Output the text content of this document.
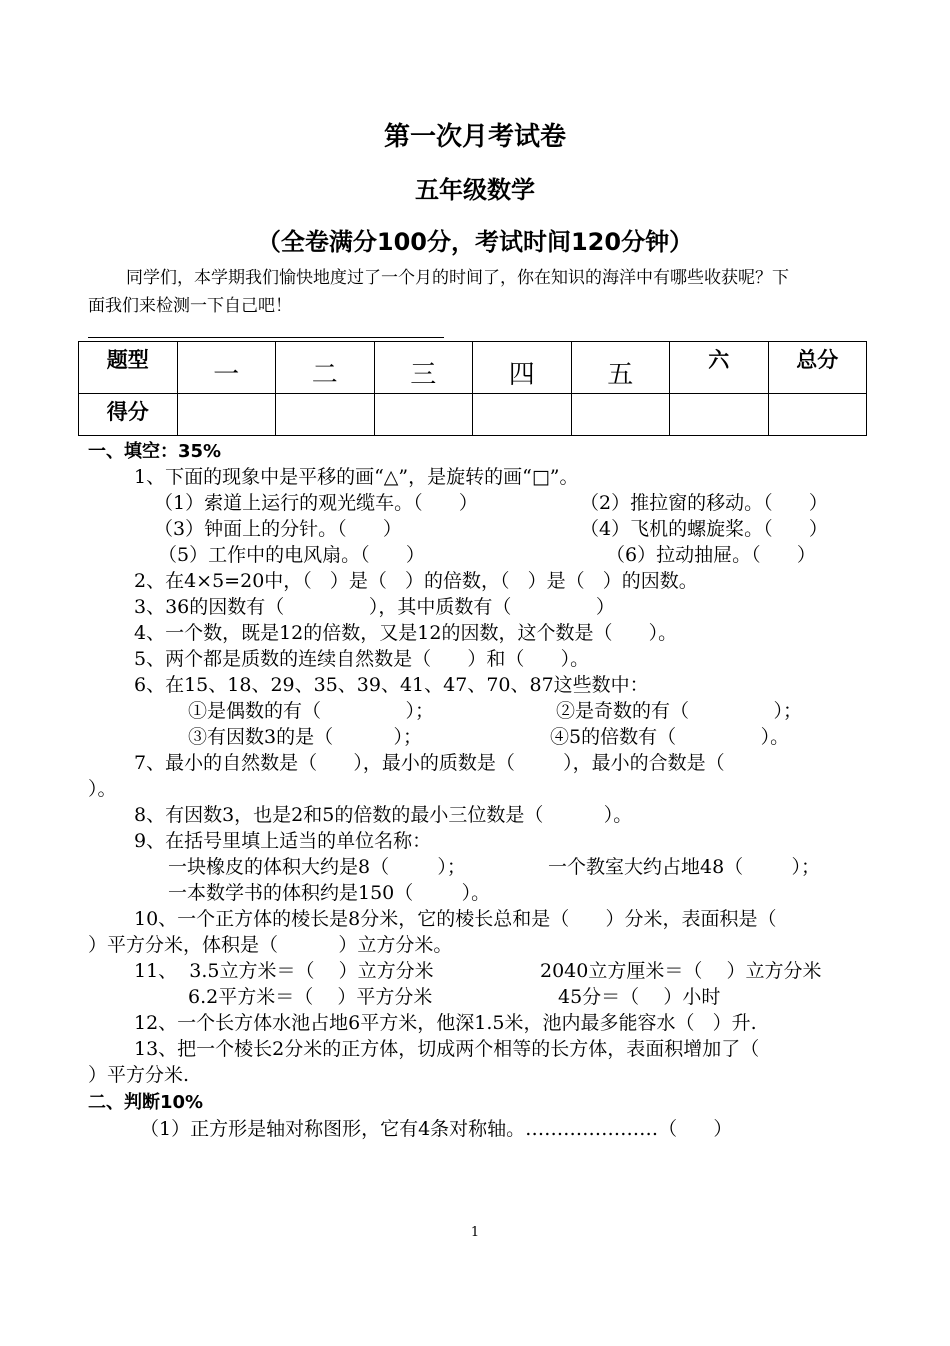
第一次月考试卷
五年级数学
（全卷满分100分，考试时间120分钟）
同学们，本学期我们愉快地度过了一个月的时间了，你在知识的海洋中有哪些收获呢？下
面我们来检测一下自己吧！
题型	一	二	三	四	五	六	总分

得分							

一、填空：35%
1、下面的现象中是平移的画“△”，是旋转的画“□”。
（1）索道上运行的观光缆车。（      ）	（2）推拉窗的移动。（      ）
（3）钟面上的分针。（      ）	（4）飞机的螺旋桨。（      ）
（5）工作中的电风扇。（      ）	（6）拉动抽屉。（      ）
2、在4×5=20中，（   ）是（   ）的倍数，（   ）是（   ）的因数。
3、36的因数有（              ），其中质数有（              ）
4、一个数，既是12的倍数，又是12的因数，这个数是（      ）。
5、两个都是质数的连续自然数是（      ）和（      ）。
6、在15、18、29、35、39、41、47、70、87这些数中：
①是偶数的有（              ）；	②是奇数的有（              ）；
③有因数3的是（          ）；	④5的倍数有（              ）。
7、最小的自然数是（      ），最小的质数是（        ），最小的合数是（
）。
8、有因数3，也是2和5的倍数的最小三位数是（          ）。
9、在括号里填上适当的单位名称：
一块橡皮的体积大约是8（        ）；	一个教室大约占地48（        ）；
一本数学书的体积约是150（        ）。
10、一个正方体的棱长是8分米，它的棱长总和是（      ）分米，表面积是（
）平方分米，体积是（          ）立方分米。
11、  3.5立方米＝（    ）立方分米	2040立方厘米＝（    ）立方分米
6.2平方米＝（    ）平方分米	45分＝（    ）小时
12、一个长方体水池占地6平方米，他深1.5米，池内最多能容水（   ）升.
13、把一个棱长2分米的正方体，切成两个相等的长方体，表面积增加了（
）平方分米.
二、判断10%
（1）正方形是轴对称图形，它有4条对称轴。…………………（      ）
1
